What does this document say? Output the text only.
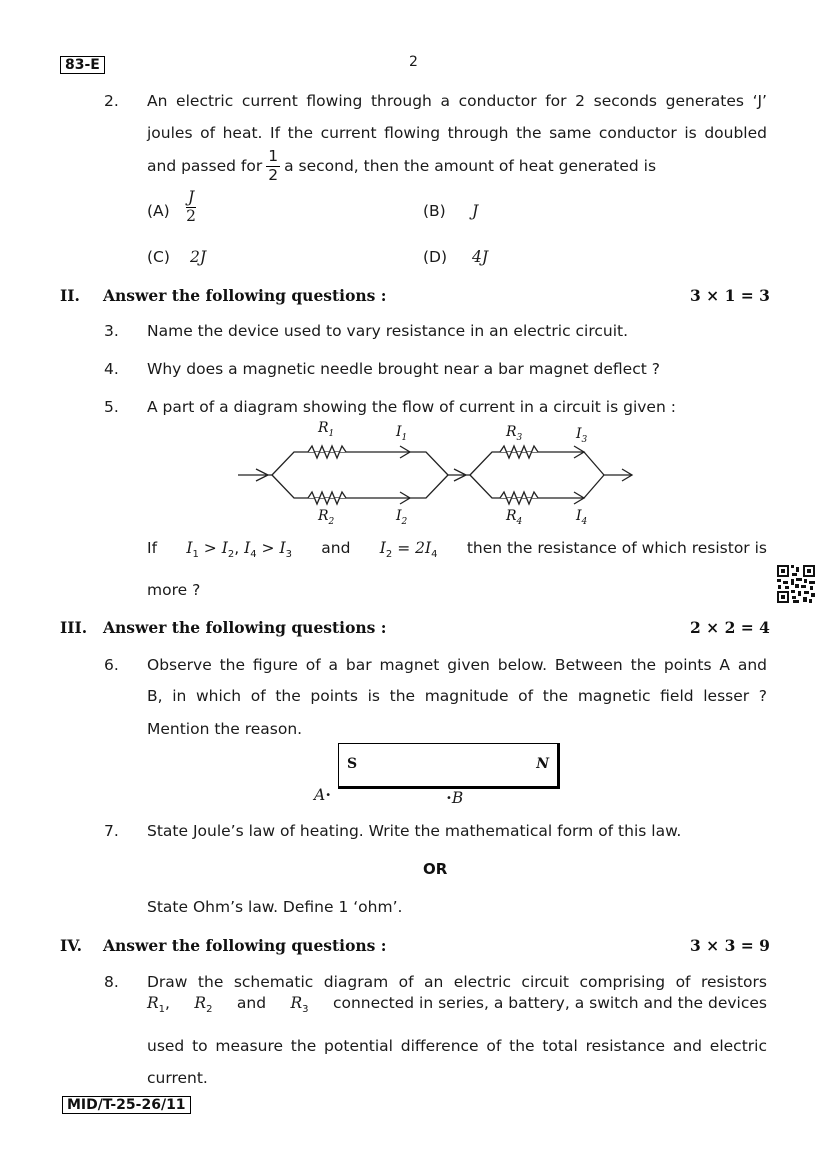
83-E	2
2. An electric current flowing through a conductor for 2 seconds generates ‘J’
joules of heat. If the current flowing through the same conductor is doubled
and passed for $\frac{1}{2}$ a second, then the amount of heat generated is
$(A) \frac{J}{2}$	(B) J
(C) 2J	(D) 4J
II. Answer the following questions :	3 × 1 = 3
3. Name the device used to vary resistance in an electric circuit.
4. Why does a magnetic needle brought near a bar magnet deflect ?
5. A part of a diagram showing the flow of current in a circuit is given :
$R_1$	$I_1$
$R_2$	$I_2$
$R_3$	$I_3$
$R_4$	$I_4$
If $I_1 > I_2$, $I_4 > I_3$ and $I_2 = 2I_4$ then the resistance of which resistor is
more ?
III. Answer the following questions :	2 × 2 = 4
6. Observe the figure of a bar magnet given below. Between the points A and
B, in which of the points is the magnitude of the magnetic field lesser ?
Mention the reason.
S	N
A•	•B
7. State Joule’s law of heating. Write the mathematical form of this law.
OR
State Ohm’s law. Define 1 ‘ohm’.
IV. Answer the following questions :	3 × 3 = 9
8. Draw the schematic diagram of an electric circuit comprising of resistors
$R_1$, $R_2$ and $R_3$ connected in series, a battery, a switch and the devices
used to measure the potential difference of the total resistance and electric
current.
MID/T-25-26/11
